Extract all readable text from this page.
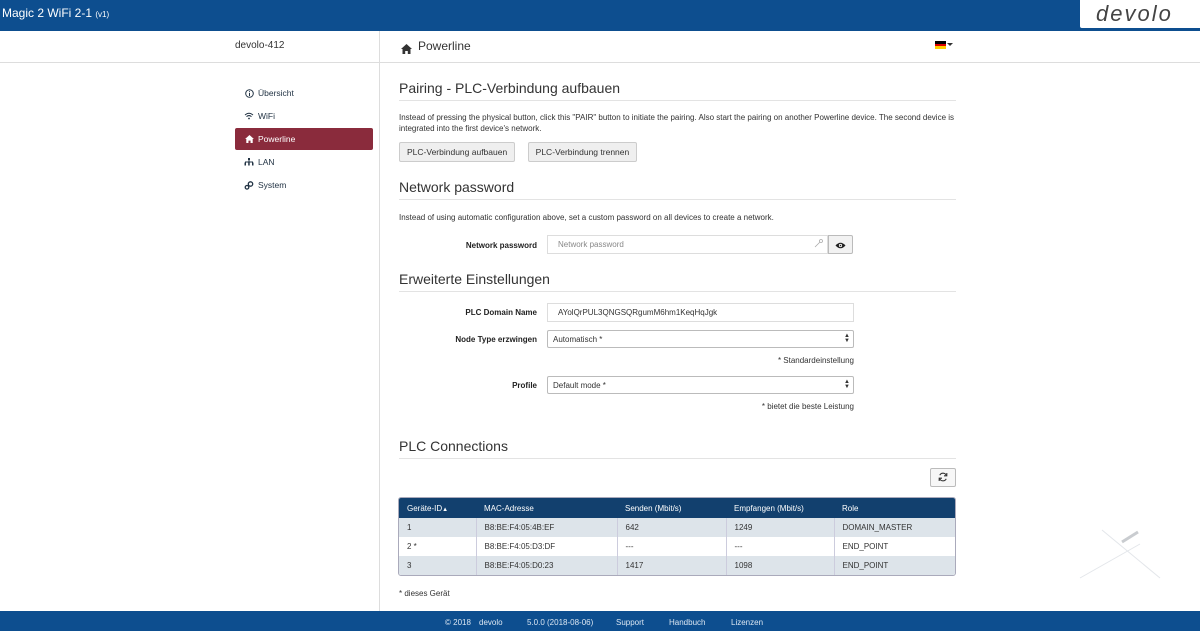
Magic 2 WiFi 2-1 (v1)	devolo
devolo-412	Powerline
Übersicht
WiFi
Powerline
LAN
System
Pairing - PLC-Verbindung aufbauen
Instead of pressing the physical button, click this "PAIR" button to initiate the pairing. Also start the pairing on another Powerline device. The second device is integrated into the first device's network.
PLC-Verbindung aufbauen	PLC-Verbindung trennen
Network password
Instead of using automatic configuration above, set a custom password on all devices to create a network.
Network password	Network password
Erweiterte Einstellungen
PLC Domain Name	AYolQrPUL3QNGSQRgumM6hm1KeqHqJgk
Node Type erzwingen	Automatisch *	▲
▼
* Standardeinstellung
Profile	Default mode *	▲
▼
* bietet die beste Leistung
PLC Connections
Geräte-ID▲	MAC-Adresse	Senden (Mbit/s)	Empfangen (Mbit/s)	Role
1	B8:BE:F4:05:4B:EF	642	1249	DOMAIN_MASTER
2 *	B8:BE:F4:05:D3:DF	---	---	END_POINT
3	B8:BE:F4:05:D0:23	1417	1098	END_POINT
* dieses Gerät
© 2018 devolo	5.0.0 (2018-08-06)	Support	Handbuch	Lizenzen
